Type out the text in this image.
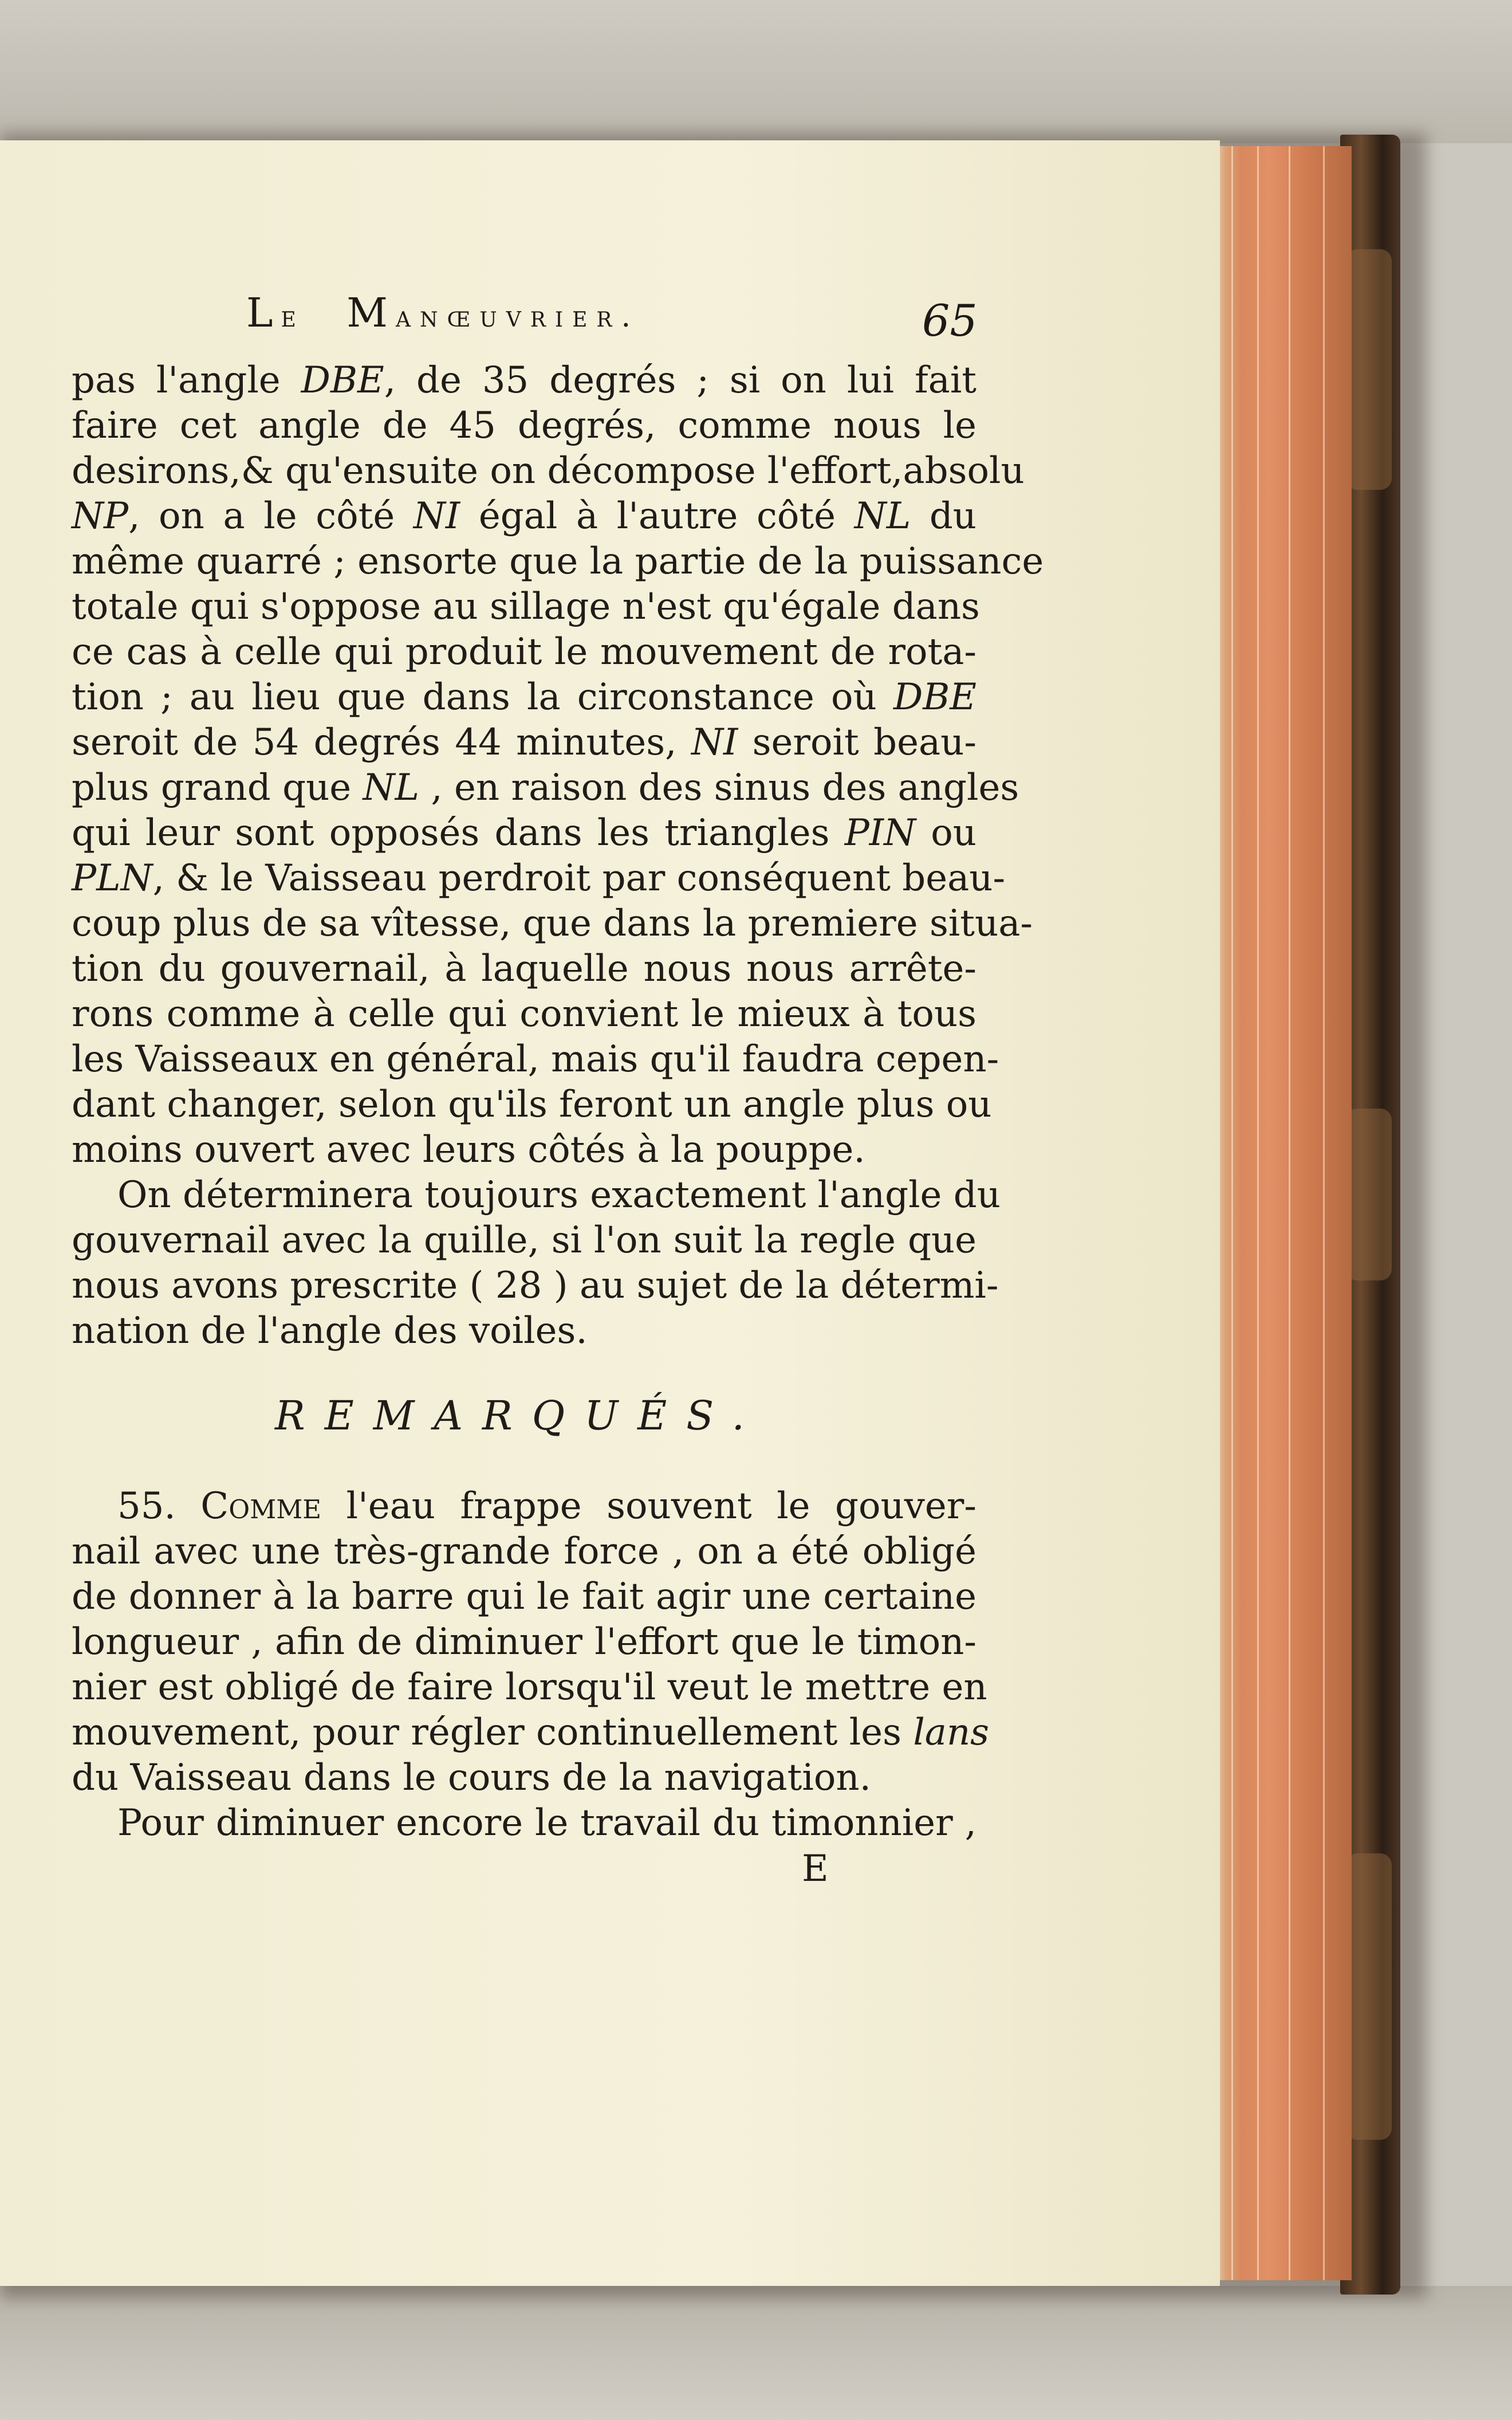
Le Manœuvrier.	65
pas l'angle DBE, de 35 degrés ; si on lui fait
faire cet angle de 45 degrés, comme nous le
desirons,& qu'ensuite on décompose l'effort,absolu
NP, on a le côté NI égal à l'autre côté NL du
même quarré ; ensorte que la partie de la puissance
totale qui s'oppose au sillage n'est qu'égale dans
ce cas à celle qui produit le mouvement de rota-
tion ; au lieu que dans la circonstance où DBE
seroit de 54 degrés 44 minutes, NI seroit beau-
plus grand que NL , en raison des sinus des angles
qui leur sont opposés dans les triangles PIN ou
PLN, & le Vaisseau perdroit par conséquent beau-
coup plus de sa vîtesse, que dans la premiere situa-
tion du gouvernail, à laquelle nous nous arrête-
rons comme à celle qui convient le mieux à tous
les Vaisseaux en général, mais qu'il faudra cepen-
dant changer, selon qu'ils feront un angle plus ou
moins ouvert avec leurs côtés à la pouppe.
On déterminera toujours exactement l'angle du
gouvernail avec la quille, si l'on suit la regle que
nous avons prescrite ( 28 ) au sujet de la détermi-
nation de l'angle des voiles.
REMARQUÉS.
55. Comme l'eau frappe souvent le gouver-
nail avec une très-grande force , on a été obligé
de donner à la barre qui le fait agir une certaine
longueur , afin de diminuer l'effort que le timon-
nier est obligé de faire lorsqu'il veut le mettre en
mouvement, pour régler continuellement les lans
du Vaisseau dans le cours de la navigation.
Pour diminuer encore le travail du timonnier ,
E
